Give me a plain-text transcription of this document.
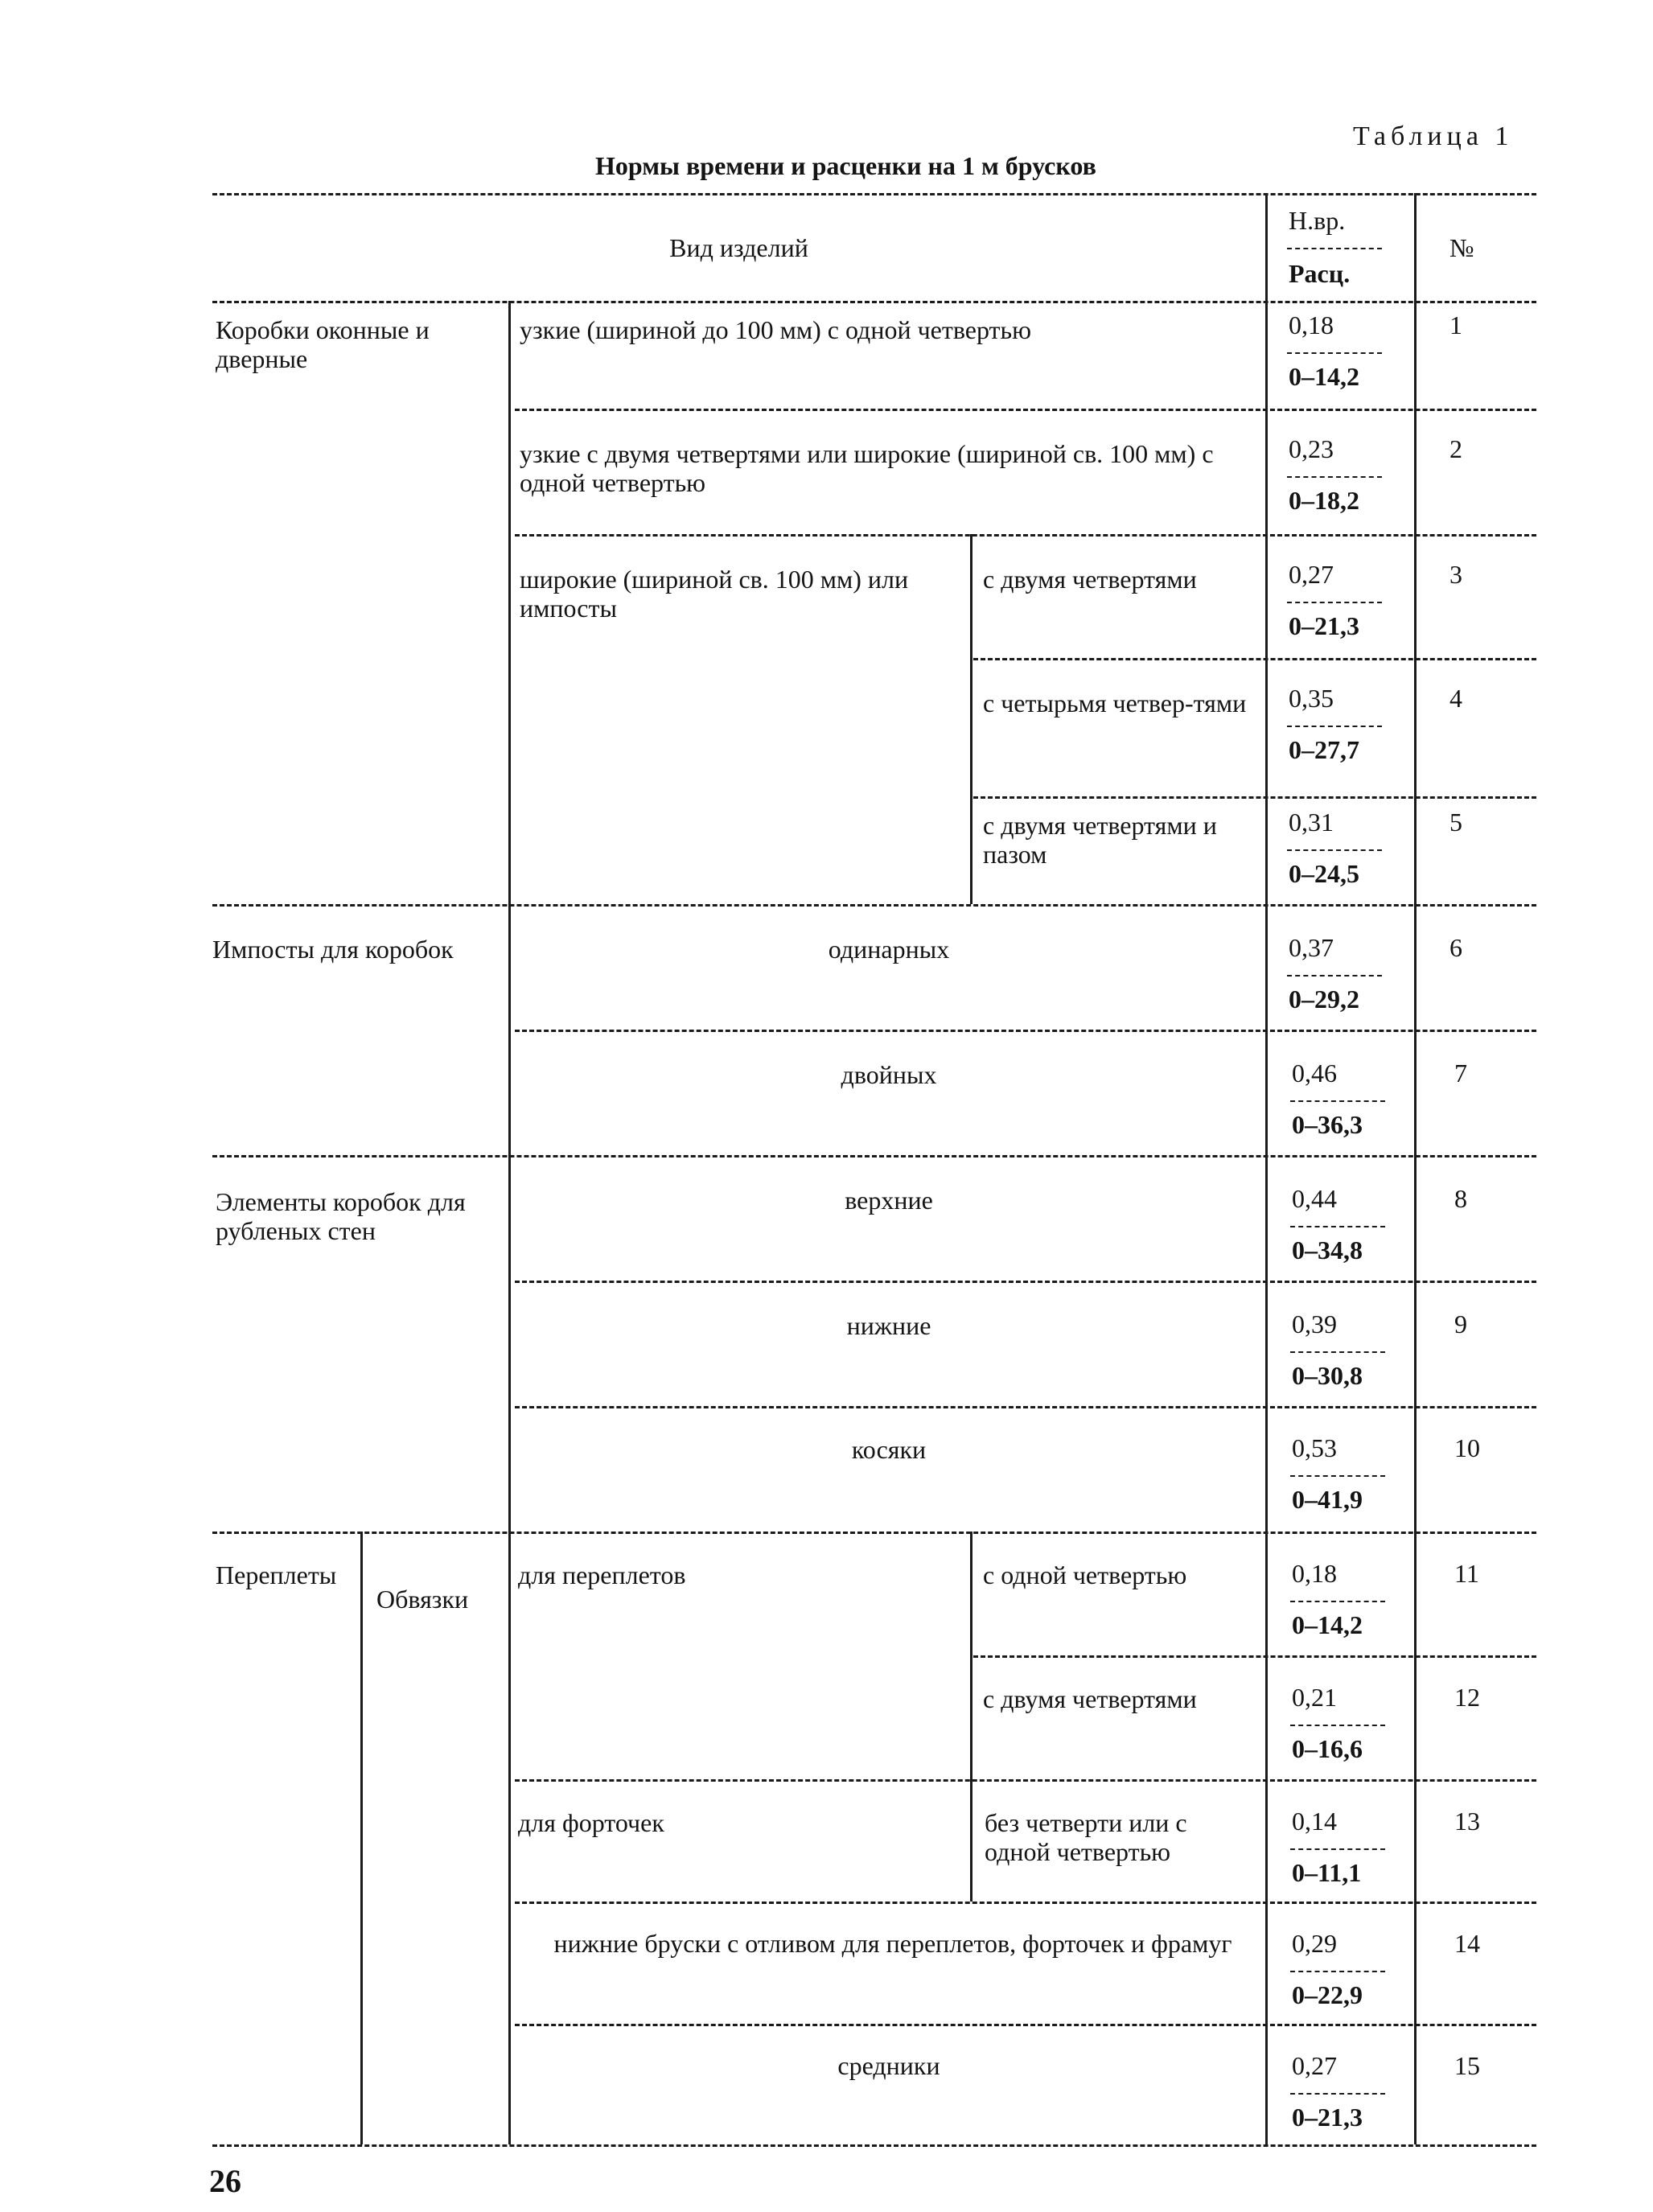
Таблица 1
Нормы времени и расценки на 1 м брусков
Вид изделий
Н.вр.
Расц.
№
Коробки оконные и дверные
Импосты для коробок
Элементы коробок для рубленых стен
Переплеты
Обвязки
узкие (шириной до 100 мм) с одной четвертью
узкие с двумя четвертями или широкие (шириной св. 100 мм) с одной четвертью
широкие (шириной св. 100 мм) или импосты
с двумя четвертями
с четырьмя четвер-тями
с двумя четвертями и пазом
одинарных
двойных
верхние
нижние
косяки
для переплетов	с одной четвертью
с двумя четвертями
для форточек	без четверти или с одной четвертью
нижние бруски с отливом для переплетов, форточек и фрамуг
средники
0,18
0–14,2
1
0,23
0–18,2
2
0,27
0–21,3
3
0,35
0–27,7
4
0,31
0–24,5
5
0,37
0–29,2
6
0,46
0–36,3
7
0,44
0–34,8
8
0,39
0–30,8
9
0,53
0–41,9
10
0,18
0–14,2
11
0,21
0–16,6
12
0,14
0–11,1
13
0,29
0–22,9
14
0,27
0–21,3
15
26
